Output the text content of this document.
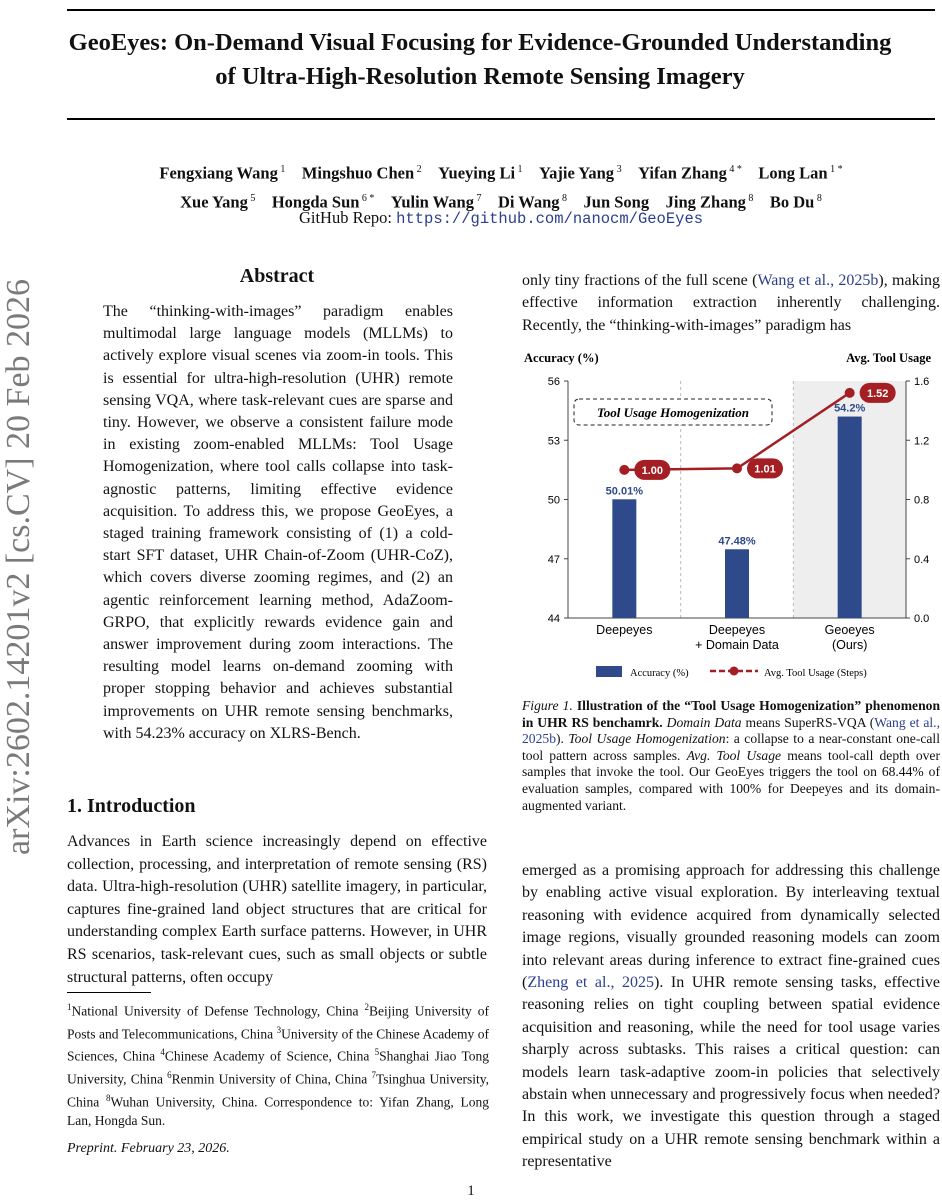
GeoEyes: On-Demand Visual Focusing for Evidence-Grounded Understanding
of Ultra-High-Resolution Remote Sensing Imagery
Fengxiang Wang $^1$  Mingshuo Chen $^2$  Yueying Li $^1$  Yajie Yang $^3$  Yifan Zhang $^4$ *  Long Lan $^1$ *
Xue Yang $^5$  Hongda Sun $^6$ *  Yulin Wang $^7$  Di Wang $^8$  Jun Song  Jing Zhang $^8$  Bo Du $^8$
GitHub Repo: https://github.com/nanocm/GeoEyes
arXiv:2602.14201v2 [cs.CV] 20 Feb 2026
Abstract

The “thinking-with-images” paradigm enables multimodal large language models (MLLMs) to actively explore visual scenes via zoom-in tools. This is essential for ultra-high-resolution (UHR) remote sensing VQA, where task-relevant cues are sparse and tiny. However, we observe a consistent failure mode in existing zoom-enabled MLLMs: Tool Usage Homogenization, where tool calls collapse into task-agnostic patterns, limiting effective evidence acquisition. To address this, we propose GeoEyes, a staged training framework consisting of (1) a cold-start SFT dataset, UHR Chain-of-Zoom (UHR-CoZ), which covers diverse zooming regimes, and (2) an agentic reinforcement learning method, AdaZoom-GRPO, that explicitly rewards evidence gain and answer improvement during zoom interactions. The resulting model learns on-demand zooming with proper stopping behavior and achieves substantial improvements on UHR remote sensing benchmarks, with 54.23% accuracy on XLRS-Bench.

1. Introduction

Advances in Earth science increasingly depend on effective collection, processing, and interpretation of remote sensing (RS) data. Ultra-high-resolution (UHR) satellite imagery, in particular, captures fine-grained land object structures that are critical for understanding complex Earth surface patterns. However, in UHR RS scenarios, task-relevant cues, such as small objects or subtle structural patterns, often occupy

$^1$National University of Defense Technology, China $^2$Beijing University of Posts and Telecommunications, China $^3$University of the Chinese Academy of Sciences, China $^4$Chinese Academy of Science, China $^5$Shanghai Jiao Tong University, China $^6$Renmin University of China, China $^7$Tsinghua University, China $^8$Wuhan University, China. Correspondence to: Yifan Zhang, Long Lan, Hongda Sun.
Preprint. February 23, 2026.

only tiny fractions of the full scene (Wang et al., 2025b), making effective information extraction inherently challenging. Recently, the “thinking-with-images” paradigm has

Accuracy (%)	Avg. Tool Usage
44
47
50
53
56
0.0
0.4
0.8
1.2
1.6
50.01%
47.48%
54.2%
Tool Usage Homogenization
1.00	1.01
1.52
Deepeyes	Deepeyes
+ Domain Data
Geoeyes
(Ours)
Accuracy (%)	Avg. Tool Usage (Steps)

Figure 1. Illustration of the “Tool Usage Homogenization” phenomenon in UHR RS benchamrk. Domain Data means SuperRS-VQA (Wang et al., 2025b). Tool Usage Homogenization: a collapse to a near-constant one-call tool pattern across samples. Avg. Tool Usage means tool-call depth over samples that invoke the tool. Our GeoEyes triggers the tool on 68.44% of evaluation samples, compared with 100% for Deepeyes and its domain-augmented variant.

emerged as a promising approach for addressing this challenge by enabling active visual exploration. By interleaving textual reasoning with evidence acquired from dynamically selected image regions, visually grounded reasoning models can zoom into relevant areas during inference to extract fine-grained cues (Zheng et al., 2025). In UHR remote sensing tasks, effective reasoning relies on tight coupling between spatial evidence acquisition and reasoning, while the need for tool usage varies sharply across subtasks. This raises a critical question: can models learn task-adaptive zoom-in policies that selectively abstain when unnecessary and progressively focus when needed? In this work, we investigate this question through a staged empirical study on a UHR remote sensing benchmark within a representative

1
